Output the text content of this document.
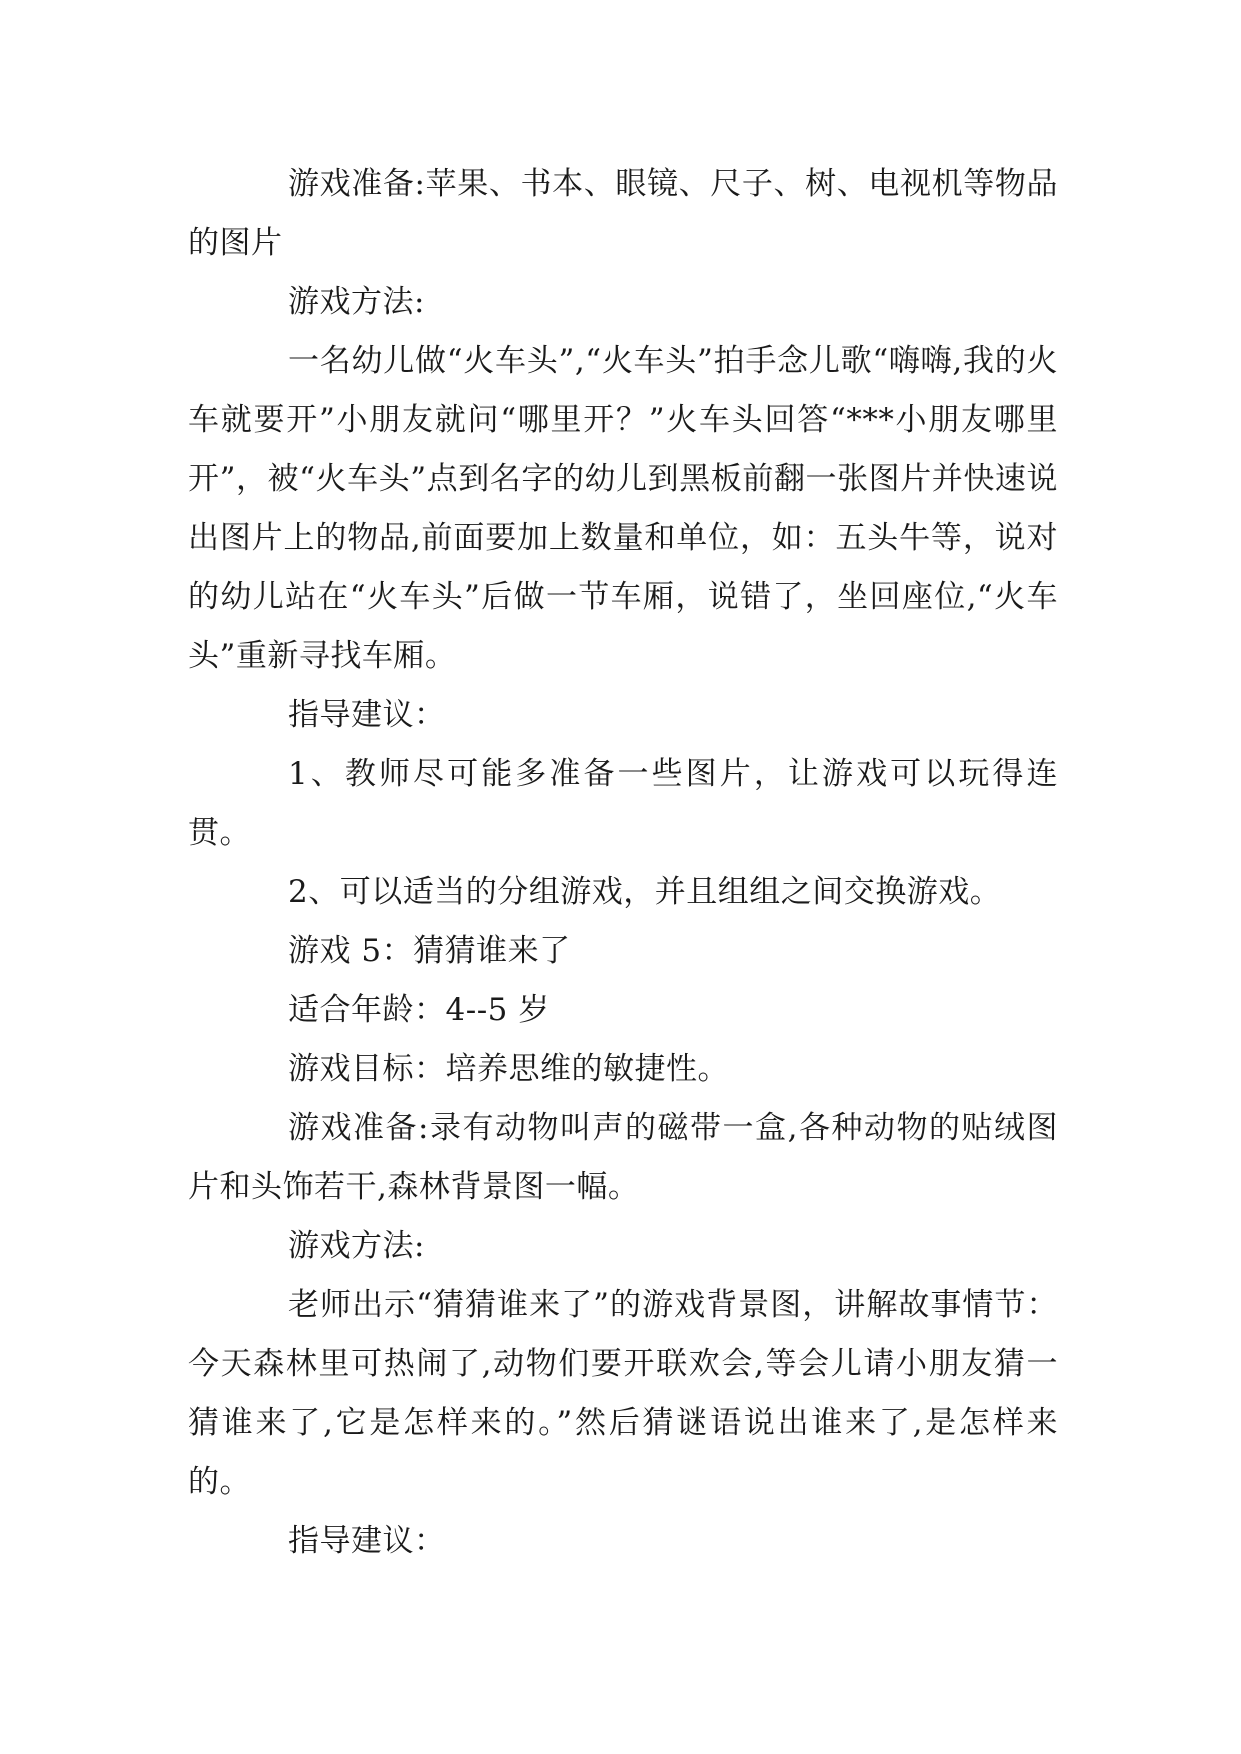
游戏准备:苹果、书本、眼镜、尺子、树、电视机等物品的图片

游戏方法:

一名幼儿做“火车头”,“火车头”拍手念儿歌“嗨嗨,我的火车就要开”小朋友就问“哪里开？”火车头回答“***小朋友哪里开”，被“火车头”点到名字的幼儿到黑板前翻一张图片并快速说出图片上的物品,前面要加上数量和单位，如：五头牛等，说对的幼儿站在“火车头”后做一节车厢，说错了，坐回座位,“火车头”重新寻找车厢。

指导建议：

1、教师尽可能多准备一些图片，让游戏可以玩得连贯。

2、可以适当的分组游戏，并且组组之间交换游戏。

游戏 5：猜猜谁来了

适合年龄：4--5 岁

游戏目标：培养思维的敏捷性。

游戏准备:录有动物叫声的磁带一盒,各种动物的贴绒图片和头饰若干,森林背景图一幅。

游戏方法:

老师出示“猜猜谁来了”的游戏背景图，讲解故事情节：今天森林里可热闹了,动物们要开联欢会,等会儿请小朋友猜一猜谁来了,它是怎样来的。”然后猜谜语说出谁来了,是怎样来的。

指导建议：
